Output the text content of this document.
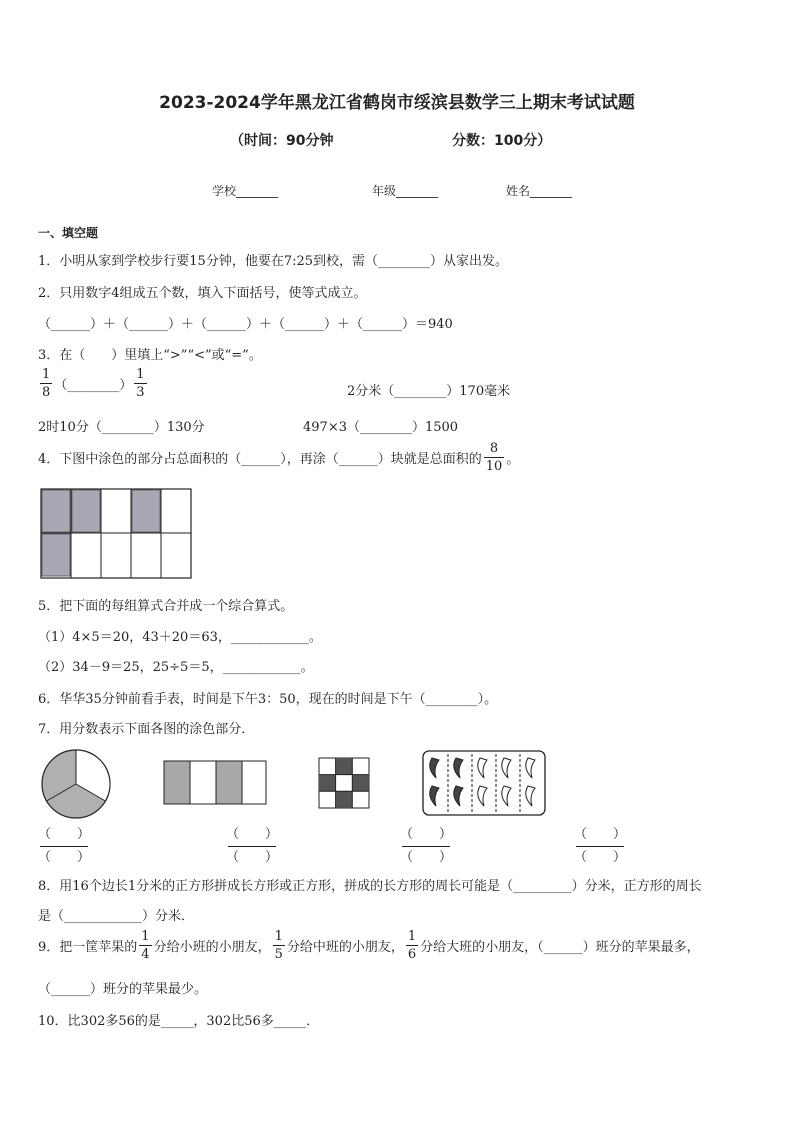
2023-2024学年黑龙江省鹤岗市绥滨县数学三上期末考试试题
（时间：90分钟	分数：100分）
学校_______	年级_______	姓名_______
一、填空题
1．小明从家到学校步行要15分钟，他要在7:25到校，需（________）从家出发。
2．只用数字4组成五个数，填入下面括号，使等式成立。
（______）＋（______）＋（______）＋（______）＋（______）＝940
3．在（　　）里填上“>”“<”或“=”。
$\frac{1}{8}$ （________） $\frac{1}{3}$	2分米（________）170毫米
2时10分（________）130分	497×3（________）1500
4．下图中涂色的部分占总面积的（______），再涂（______）块就是总面积的 $\frac{8}{10}$ 。
5．把下面的每组算式合并成一个综合算式。
（1）4×5＝20，43＋20＝63，____________。
（2）34－9＝25，25÷5＝5，____________。
6．华华35分钟前看手表，时间是下午3：50，现在的时间是下午（________）。
7．用分数表示下面各图的涂色部分．
（　　）
（　　）
（　　）
（　　）
（　　）
（　　）
（　　）
（　　）
8．用16个边长1分米的正方形拼成长方形或正方形，拼成的长方形的周长可能是（_________）分米，正方形的周长
是（____________）分米．
9．把一筐苹果的 $\frac{1}{4}$ 分给小班的小朋友， $\frac{1}{5}$ 分给中班的小朋友， $\frac{1}{6}$ 分给大班的小朋友，（______）班分的苹果最多，
（______）班分的苹果最少。
10．比302多56的是_____，302比56多_____．
